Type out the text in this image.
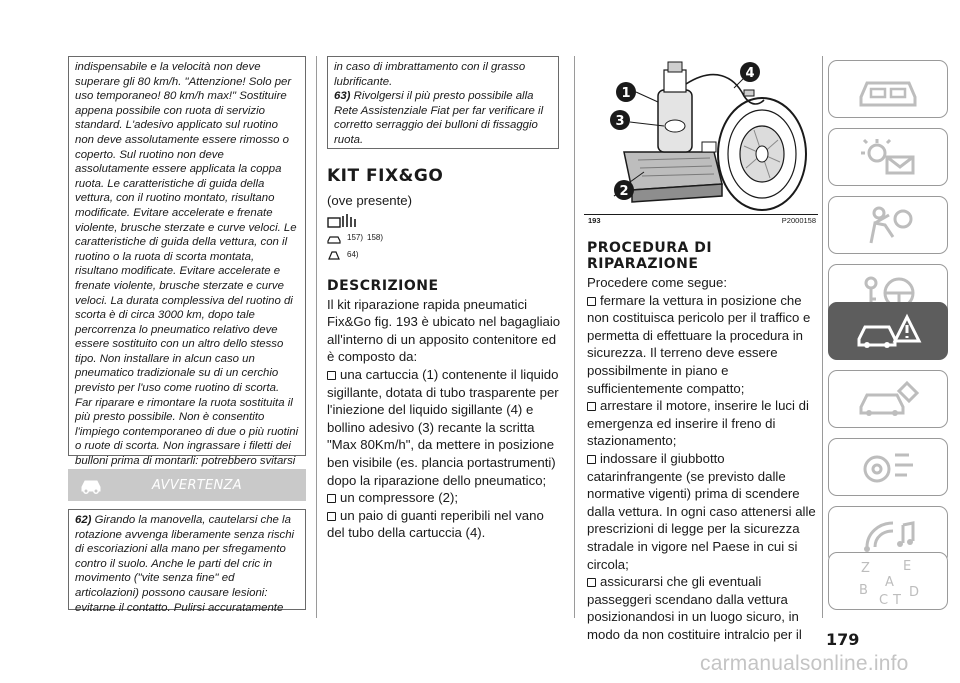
indispensabile e la velocità non deve superare gli 80 km/h. "Attenzione! Solo per uso temporaneo! 80 km/h max!" Sostituire appena possibile con ruota di servizio standard. L'adesivo applicato sul ruotino non deve assolutamente essere rimosso o coperto. Sul ruotino non deve assolutamente essere applicata la coppa ruota. Le caratteristiche di guida della vettura, con il ruotino montato, risultano modificate. Evitare accelerate e frenate violente, brusche sterzate e curve veloci. Le caratteristiche di guida della vettura, con il ruotino o la ruota di scorta montata, risultano modificate. Evitare accelerate e frenate violente, brusche sterzate e curve veloci. La durata complessiva del ruotino di scorta è di circa 3000 km, dopo tale percorrenza lo pneumatico relativo deve essere sostituito con un altro dello stesso tipo. Non installare in alcun caso un pneumatico tradizionale su di un cerchio previsto per l'uso come ruotino di scorta. Far riparare e rimontare la ruota sostituita il più presto possibile. Non è consentito l'impiego contemporaneo di due o più ruotini o ruote di scorta. Non ingrassare i filetti dei bulloni prima di montarli: potrebbero svitarsi

AVVERTENZA

62) Girando la manovella, cautelarsi che la rotazione avvenga liberamente senza rischi di escoriazioni alla mano per sfregamento contro il suolo. Anche le parti del cric in movimento ("vite senza fine" ed articolazioni) possono causare lesioni: evitarne il contatto. Pulirsi accuratamente

in caso di imbrattamento con il grasso lubrificante.

63) Rivolgersi il più presto possibile alla Rete Assistenziale Fiat per far verificare il corretto serraggio dei bulloni di fissaggio ruota.

KIT FIX&GO
(ove presente)
157) 158)
64)
DESCRIZIONE

Il kit riparazione rapida pneumatici Fix&Go fig. 193 è ubicato nel bagagliaio all'interno di un apposito contenitore ed è composto da:

una cartuccia (1) contenente il liquido sigillante, dotata di tubo trasparente per l'iniezione del liquido sigillante (4) e bollino adesivo (3) recante la scritta "Max 80Km/h", da mettere in posizione ben visibile (es. plancia portastrumenti) dopo la riparazione dello pneumatico;

un compressore (2);

un paio di guanti reperibili nel vano del tubo della cartuccia (4).

1
2
3
4
193	P2000158
PROCEDURA DI
RIPARAZIONE

Procedere come segue:

fermare la vettura in posizione che non costituisca pericolo per il traffico e permetta di effettuare la procedura in sicurezza. Il terreno deve essere possibilmente in piano e sufficientemente compatto;

arrestare il motore, inserire le luci di emergenza ed inserire il freno di stazionamento;

indossare il giubbotto catarinfrangente (se previsto dalle normative vigenti) prima di scendere dalla vettura. In ogni caso attenersi alle prescrizioni di legge per la sicurezza stradale in vigore nel Paese in cui si circola;

assicurarsi che gli eventuali passeggeri scendano dalla vettura posizionandosi in un luogo sicuro, in modo da non costituire intralcio per il

Z	E
B
C T
D
A
179
carmanualsonline.info
